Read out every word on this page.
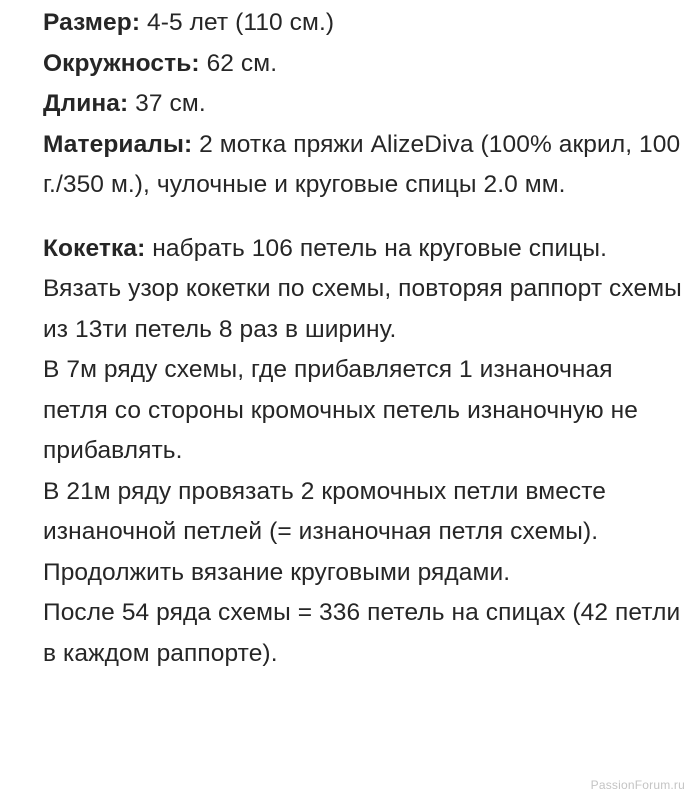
Размер: 4-5 лет (110 см.)

Окружность: 62 см.

Длина: 37 см.

Материалы: 2 мотка пряжи AlizeDiva (100% акрил, 100 г./350 м.), чулочные и круговые спицы 2.0 мм.

Кокетка: набрать 106 петель на круговые спицы.

Вязать узор кокетки по схемы, повторяя раппорт схемы из 13ти петель 8 раз в ширину.

В 7м ряду схемы, где прибавляется 1 изнаночная петля со стороны кромочных петель изнаночную не прибавлять.

В 21м ряду провязать 2 кромочных петли вместе изнаночной петлей (= изнаночная петля схемы).

Продолжить вязание круговыми рядами.

После 54 ряда схемы = 336 петель на спицах (42 петли в каждом раппорте).

PassionForum.ru
